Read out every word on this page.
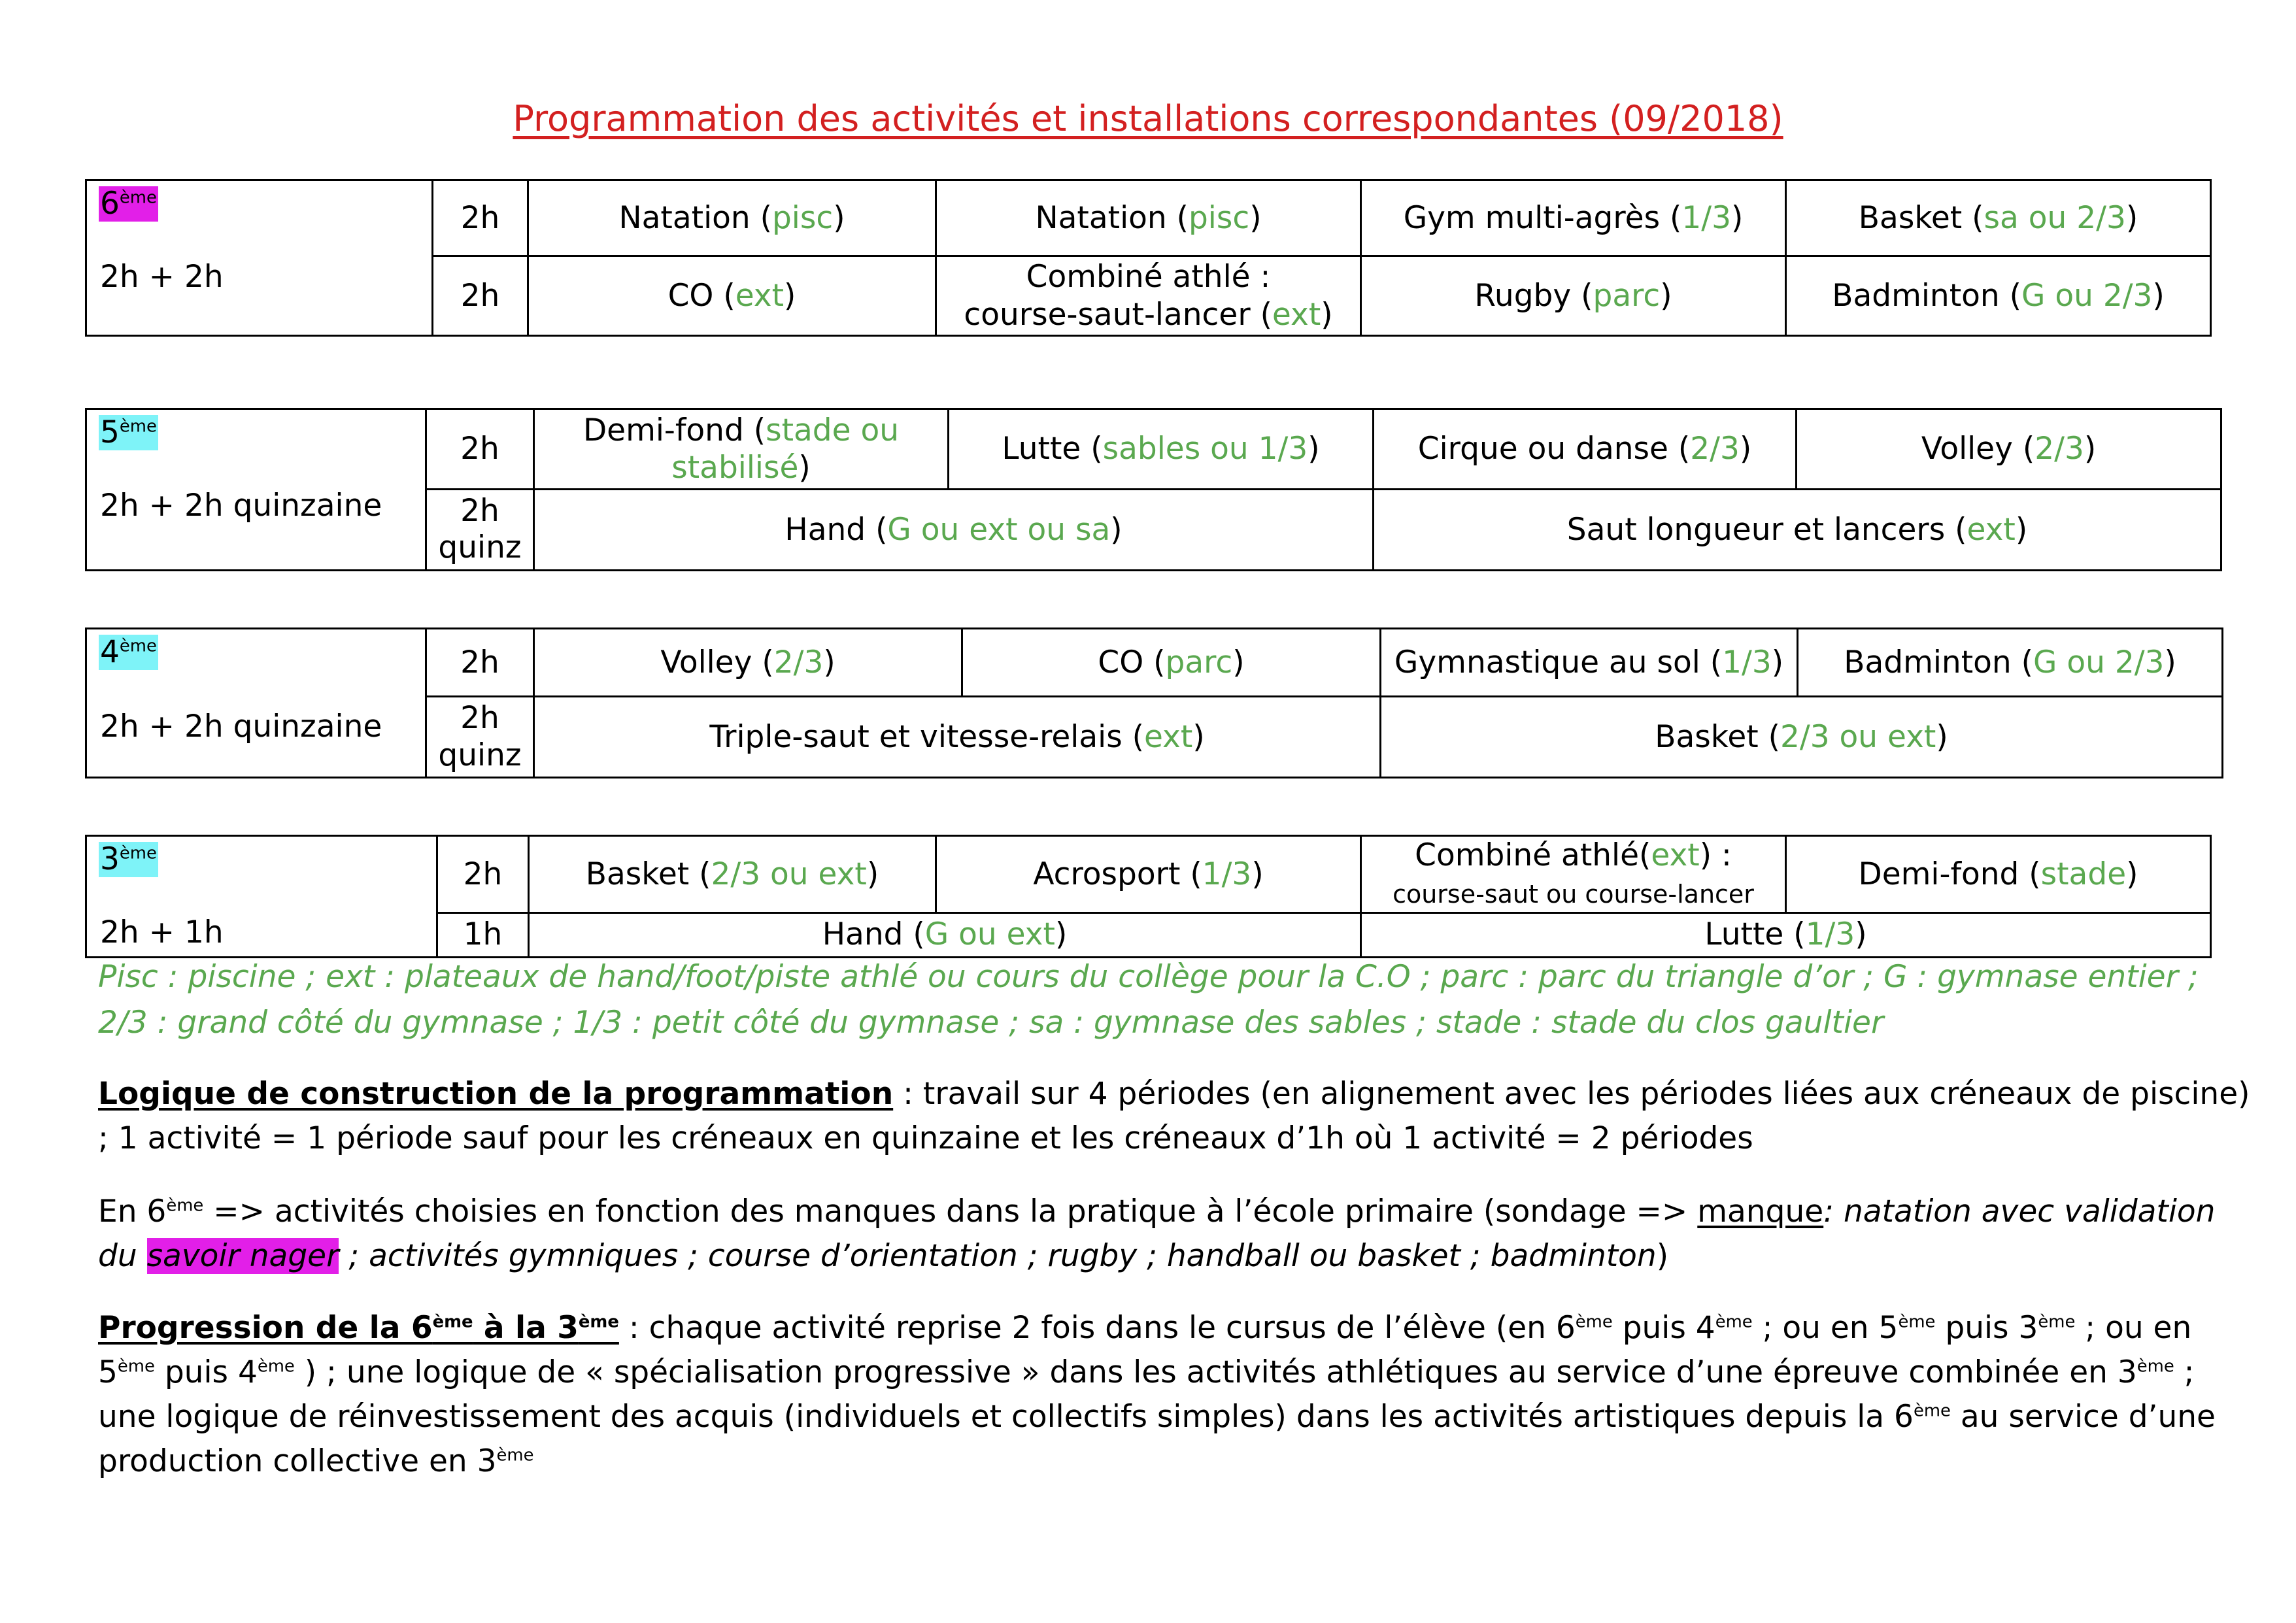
Programmation des activités et installations correspondantes (09/2018)
6ème
2h + 2h	2h	Natation (pisc)	Natation (pisc)	Gym multi-agrès (1/3)	Basket (sa ou 2/3)
	2h	CO (ext)	Combiné athlé :
course-saut-lancer (ext)	Rugby (parc)	Badminton (G ou 2/3)
5ème
2h + 2h quinzaine	2h	Demi-fond (stade ou stabilisé)	Lutte (sables ou 1/3)	Cirque ou danse (2/3)	Volley (2/3)
	2h
quinz	Hand (G ou ext ou sa)		Saut longueur et lancers (ext)	
4ème
2h + 2h quinzaine	2h	Volley (2/3)	CO (parc)	Gymnastique au sol (1/3)	Badminton (G ou 2/3)
	2h
quinz	Triple-saut et vitesse-relais (ext)		Basket (2/3 ou ext)	
3ème
2h + 1h	2h	Basket (2/3 ou ext)	Acrosport (1/3)	Combiné athlé(ext) :
course-saut ou course-lancer	Demi-fond (stade)
	1h	Hand (G ou ext)		Lutte (1/3)	
Pisc : piscine ; ext : plateaux de hand/foot/piste athlé ou cours du collège pour la C.O ; parc : parc du triangle d’or ; G : gymnase entier ; 2/3 : grand côté du gymnase ; 1/3 : petit côté du gymnase ; sa : gymnase des sables ; stade : stade du clos gaultier
Logique de construction de la programmation : travail sur 4 périodes (en alignement avec les périodes liées aux créneaux de piscine) ; 1 activité = 1 période sauf pour les créneaux en quinzaine et les créneaux d’1h où 1 activité = 2 périodes
En 6ème => activités choisies en fonction des manques dans la pratique à l’école primaire (sondage => manque: natation avec validation du savoir nager ; activités gymniques ; course d’orientation ; rugby ; handball ou basket ; badminton)
Progression de la 6ème à la 3ème : chaque activité reprise 2 fois dans le cursus de l’élève (en 6ème puis 4ème ; ou en 5ème puis 3ème ; ou en 5ème puis 4ème ) ; une logique de « spécialisation progressive » dans les activités athlétiques au service d’une épreuve combinée en 3ème ; une logique de réinvestissement des acquis (individuels et collectifs simples) dans les activités artistiques depuis la 6ème au service d’une production collective en 3ème
